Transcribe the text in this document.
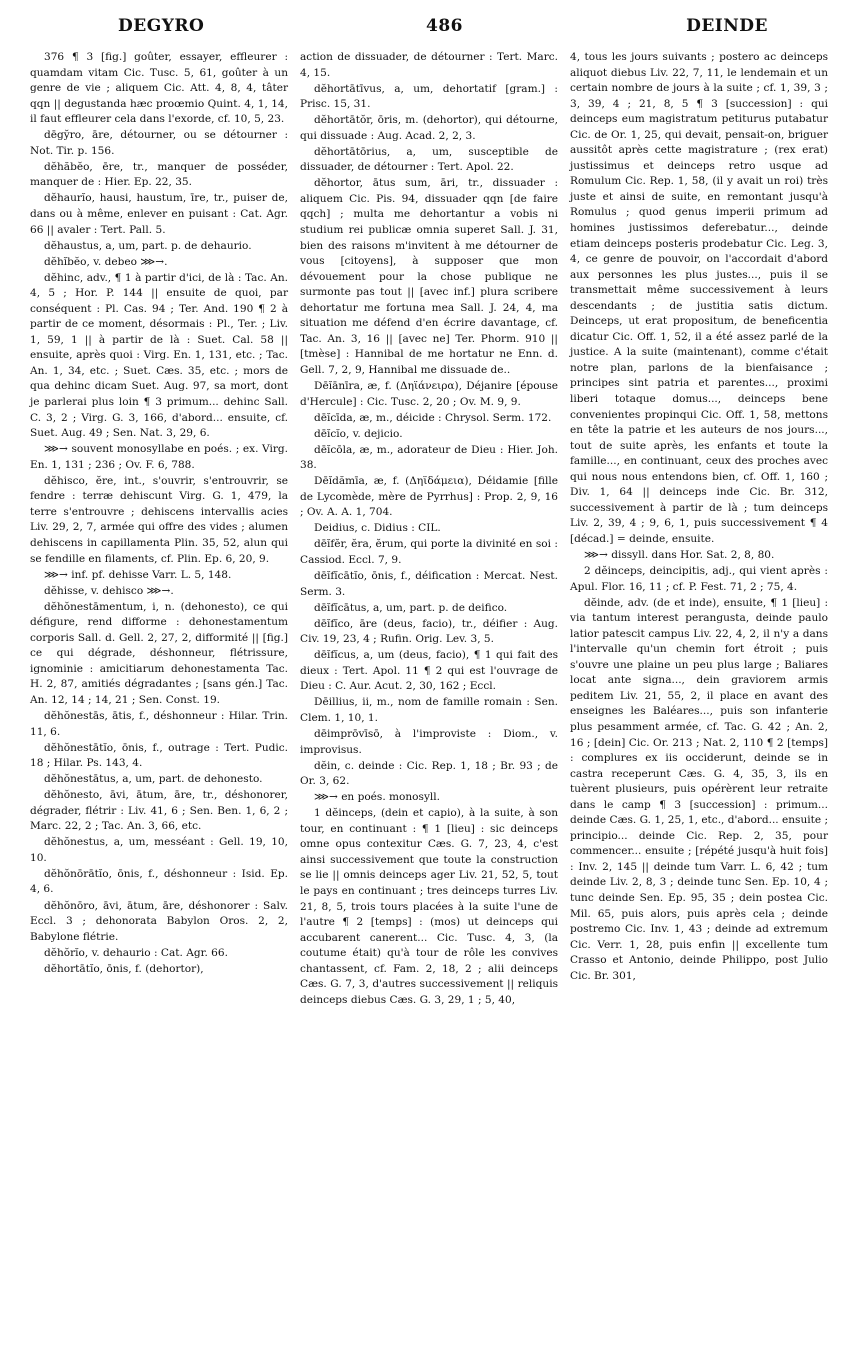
DEGYRO	486	DEINDE

376 ¶ 3 [fig.] goûter, essayer, effleurer : quamdam vitam Cic. Tusc. 5, 61, goûter à un genre de vie ; aliquem Cic. Att. 4, 8, 4, tâter qqn || degustanda hæc proœmio Quint. 4, 1, 14, il faut effleurer cela dans l'exorde, cf. 10, 5, 23.

dēgy̆ro, āre, détourner, ou se détourner : Not. Tir. p. 156.

dĕhăbĕo, ēre, tr., manquer de posséder, manquer de : Hier. Ep. 22, 35.

dĕhaurĭo, hausi, haustum, īre, tr., puiser de, dans ou à même, enlever en puisant : Cat. Agr. 66 || avaler : Tert. Pall. 5.

dĕhaustus, a, um, part. p. de dehaurio.

dĕhĭbĕo, v. debeo ⋙→.

dĕhinc, adv., ¶ 1 à partir d'ici, de là : Tac. An. 4, 5 ; Hor. P. 144 || ensuite de quoi, par conséquent : Pl. Cas. 94 ; Ter. And. 190 ¶ 2 à partir de ce moment, désormais : Pl., Ter. ; Liv. 1, 59, 1 || à partir de là : Suet. Cal. 58 || ensuite, après quoi : Virg. En. 1, 131, etc. ; Tac. An. 1, 34, etc. ; Suet. Cæs. 35, etc. ; mors de qua dehinc dicam Suet. Aug. 97, sa mort, dont je parlerai plus loin ¶ 3 primum... dehinc Sall. C. 3, 2 ; Virg. G. 3, 166, d'abord... ensuite, cf. Suet. Aug. 49 ; Sen. Nat. 3, 29, 6.

⋙→ souvent monosyllabe en poés. ; ex. Virg. En. 1, 131 ; 236 ; Ov. F. 6, 788.

dĕhisco, ĕre, int., s'ouvrir, s'entrouvrir, se fendre : terræ dehiscunt Virg. G. 1, 479, la terre s'entrouvre ; dehiscens intervallis acies Liv. 29, 2, 7, armée qui offre des vides ; alumen dehiscens in capillamenta Plin. 35, 52, alun qui se fendille en filaments, cf. Plin. Ep. 6, 20, 9.

⋙→ inf. pf. dehisse Varr. L. 5, 148.

dĕhisse, v. dehisco ⋙→.

dĕhŏnestāmentum, i, n. (dehonesto), ce qui défigure, rend difforme : dehonestamentum corporis Sall. d. Gell. 2, 27, 2, difformité || [fig.] ce qui dégrade, déshonneur, flétrissure, ignominie : amicitiarum dehonestamenta Tac. H. 2, 87, amitiés dégradantes ; [sans gén.] Tac. An. 12, 14 ; 14, 21 ; Sen. Const. 19.

dĕhŏnestās, ātis, f., déshonneur : Hilar. Trin. 11, 6.

dĕhŏnestātĭo, ōnis, f., outrage : Tert. Pudic. 18 ; Hilar. Ps. 143, 4.

dĕhŏnestātus, a, um, part. de dehonesto.

dĕhŏnesto, āvi, ātum, āre, tr., déshonorer, dégrader, flétrir : Liv. 41, 6 ; Sen. Ben. 1, 6, 2 ; Marc. 22, 2 ; Tac. An. 3, 66, etc.

dĕhŏnestus, a, um, messéant : Gell. 19, 10, 10.

dĕhŏnōrātĭo, ōnis, f., déshonneur : Isid. Ep. 4, 6.

dĕhŏnōro, āvi, ātum, āre, déshonorer : Salv. Eccl. 3 ; dehonorata Babylon Oros. 2, 2, Babylone flétrie.

dĕhŏrĭo, v. dehaurio : Cat. Agr. 66.

dĕhortātĭo, ōnis, f. (dehortor),

action de dissuader, de détourner : Tert. Marc. 4, 15.

dĕhortātīvus, a, um, dehortatif [gram.] : Prisc. 15, 31.

dĕhortātŏr, ōris, m. (dehortor), qui détourne, qui dissuade : Aug. Acad. 2, 2, 3.

dĕhortātōrius, a, um, susceptible de dissuader, de détourner : Tert. Apol. 22.

dĕhortor, ātus sum, āri, tr., dissuader : aliquem Cic. Pis. 94, dissuader qqn [de faire qqch] ; multa me dehortantur a vobis ni studium rei publicæ omnia superet Sall. J. 31, bien des raisons m'invitent à me détourner de vous [citoyens], à supposer que mon dévouement pour la chose publique ne surmonte pas tout || [avec inf.] plura scribere dehortatur me fortuna mea Sall. J. 24, 4, ma situation me défend d'en écrire davantage, cf. Tac. An. 3, 16 || [avec ne] Ter. Phorm. 910 || [tmèse] : Hannibal de me hortatur ne Enn. d. Gell. 7, 2, 9, Hannibal me dissuade de..

Dēĭānīra, æ, f. (Δηϊάνειρα), Déjanire [épouse d'Hercule] : Cic. Tusc. 2, 20 ; Ov. M. 9, 9.

dēĭcīda, æ, m., déicide : Chrysol. Serm. 172.

dēĭcĭo, v. dejicio.

dēĭcōla, æ, m., adorateur de Dieu : Hier. Joh. 38.

Dēĭdămīa, æ, f. (Δηϊδάμεια), Déidamie [fille de Lycomède, mère de Pyrrhus] : Prop. 2, 9, 16 ; Ov. A. A. 1, 704.

Deidius, c. Didius : CIL.

dēĭfĕr, ĕra, ĕrum, qui porte la divinité en soi : Cassiod. Eccl. 7, 9.

dēĭfĭcātĭo, ōnis, f., déification : Mercat. Nest. Serm. 3.

dēĭfĭcātus, a, um, part. p. de deifico.

dēĭfĭco, āre (deus, facio), tr., déifier : Aug. Civ. 19, 23, 4 ; Rufin. Orig. Lev. 3, 5.

dēĭfĭcus, a, um (deus, facio), ¶ 1 qui fait des dieux : Tert. Apol. 11 ¶ 2 qui est l'ouvrage de Dieu : C. Aur. Acut. 2, 30, 162 ; Eccl.

Dēillius, ii, m., nom de famille romain : Sen. Clem. 1, 10, 1.

dēimprōvīsō, à l'improviste : Diom., v. improvisus.

dĕin, c. deinde : Cic. Rep. 1, 18 ; Br. 93 ; de Or. 3, 62.

⋙→ en poés. monosyll.

1 dĕinceps, (dein et capio), à la suite, à son tour, en continuant : ¶ 1 [lieu] : sic deinceps omne opus contexitur Cæs. G. 7, 23, 4, c'est ainsi successivement que toute la construction se lie || omnis deinceps ager Liv. 21, 52, 5, tout le pays en continuant ; tres deinceps turres Liv. 21, 8, 5, trois tours placées à la suite l'une de l'autre ¶ 2 [temps] : (mos) ut deinceps qui accubarent canerent... Cic. Tusc. 4, 3, (la coutume était) qu'à tour de rôle les convives chantassent, cf. Fam. 2, 18, 2 ; alii deinceps Cæs. G. 7, 3, d'autres successivement || reliquis deinceps diebus Cæs. G. 3, 29, 1 ; 5, 40,

4, tous les jours suivants ; postero ac deinceps aliquot diebus Liv. 22, 7, 11, le lendemain et un certain nombre de jours à la suite ; cf. 1, 39, 3 ; 3, 39, 4 ; 21, 8, 5 ¶ 3 [succession] : qui deinceps eum magistratum petiturus putabatur Cic. de Or. 1, 25, qui devait, pensait-on, briguer aussitôt après cette magistrature ; (rex erat) justissimus et deinceps retro usque ad Romulum Cic. Rep. 1, 58, (il y avait un roi) très juste et ainsi de suite, en remontant jusqu'à Romulus ; quod genus imperii primum ad homines justissimos deferebatur..., deinde etiam deinceps posteris prodebatur Cic. Leg. 3, 4, ce genre de pouvoir, on l'accordait d'abord aux personnes les plus justes..., puis il se transmettait même successivement à leurs descendants ; de justitia satis dictum. Deinceps, ut erat propositum, de beneficentia dicatur Cic. Off. 1, 52, il a été assez parlé de la justice. A la suite (maintenant), comme c'était notre plan, parlons de la bienfaisance ; principes sint patria et parentes..., proximi liberi totaque domus..., deinceps bene convenientes propinqui Cic. Off. 1, 58, mettons en tête la patrie et les auteurs de nos jours..., tout de suite après, les enfants et toute la famille..., en continuant, ceux des proches avec qui nous nous entendons bien, cf. Off. 1, 160 ; Div. 1, 64 || deinceps inde Cic. Br. 312, successivement à partir de là ; tum deinceps Liv. 2, 39, 4 ; 9, 6, 1, puis successivement ¶ 4 [décad.] = deinde, ensuite.

⋙→ dissyll. dans Hor. Sat. 2, 8, 80.

2 dĕinceps, deincipitis, adj., qui vient après : Apul. Flor. 16, 11 ; cf. P. Fest. 71, 2 ; 75, 4.

dĕinde, adv. (de et inde), ensuite, ¶ 1 [lieu] : via tantum interest perangusta, deinde paulo latior patescit campus Liv. 22, 4, 2, il n'y a dans l'intervalle qu'un chemin fort étroit ; puis s'ouvre une plaine un peu plus large ; Baliares locat ante signa..., dein graviorem armis peditem Liv. 21, 55, 2, il place en avant des enseignes les Baléares..., puis son infanterie plus pesamment armée, cf. Tac. G. 42 ; An. 2, 16 ; [dein] Cic. Or. 213 ; Nat. 2, 110 ¶ 2 [temps] : complures ex iis occiderunt, deinde se in castra receperunt Cæs. G. 4, 35, 3, ils en tuèrent plusieurs, puis opérèrent leur retraite dans le camp ¶ 3 [succession] : primum... deinde Cæs. G. 1, 25, 1, etc., d'abord... ensuite ; principio... deinde Cic. Rep. 2, 35, pour commencer... ensuite ; [répété jusqu'à huit fois] : Inv. 2, 145 || deinde tum Varr. L. 6, 42 ; tum deinde Liv. 2, 8, 3 ; deinde tunc Sen. Ep. 10, 4 ; tunc deinde Sen. Ep. 95, 35 ; dein postea Cic. Mil. 65, puis alors, puis après cela ; deinde postremo Cic. Inv. 1, 43 ; deinde ad extremum Cic. Verr. 1, 28, puis enfin || excellente tum Crasso et Antonio, deinde Philippo, post Julio Cic. Br. 301,
